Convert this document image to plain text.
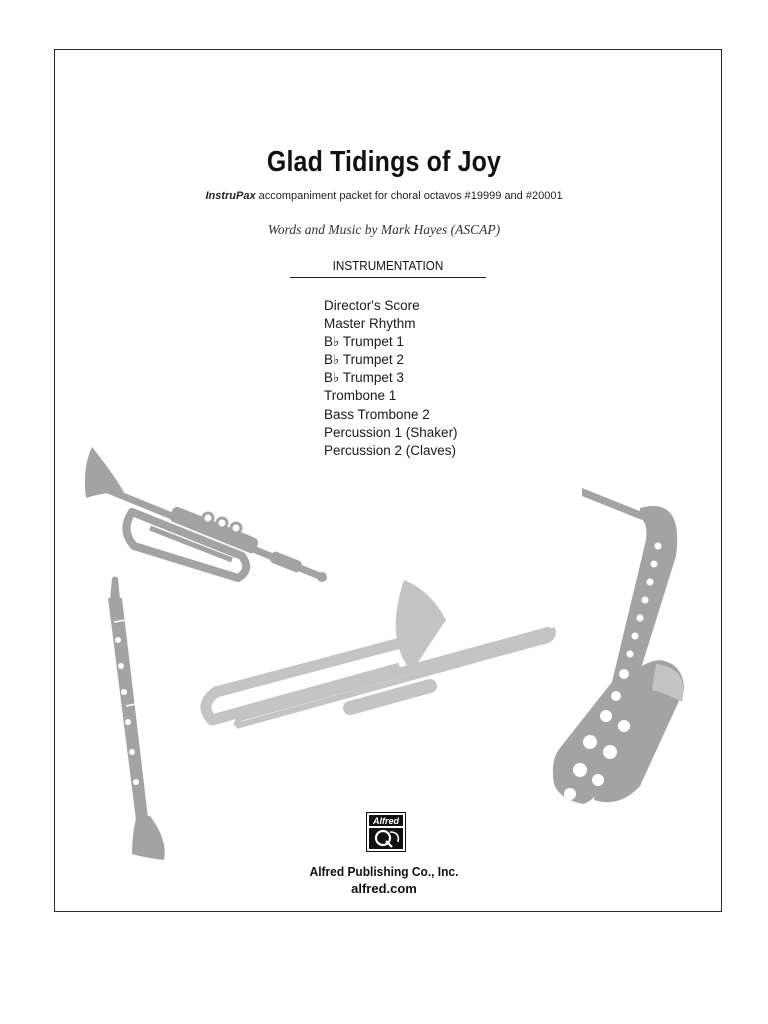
Glad Tidings of Joy
InstruPax accompaniment packet for choral octavos #19999 and #20001
Words and Music by Mark Hayes (ASCAP)
INSTRUMENTATION
Director's Score
Master Rhythm
B♭ Trumpet 1
B♭ Trumpet 2
B♭ Trumpet 3
Trombone 1
Bass Trombone 2
Percussion 1 (Shaker)
Percussion 2 (Claves)
Alfred
Alfred Publishing Co., Inc.
alfred.com
